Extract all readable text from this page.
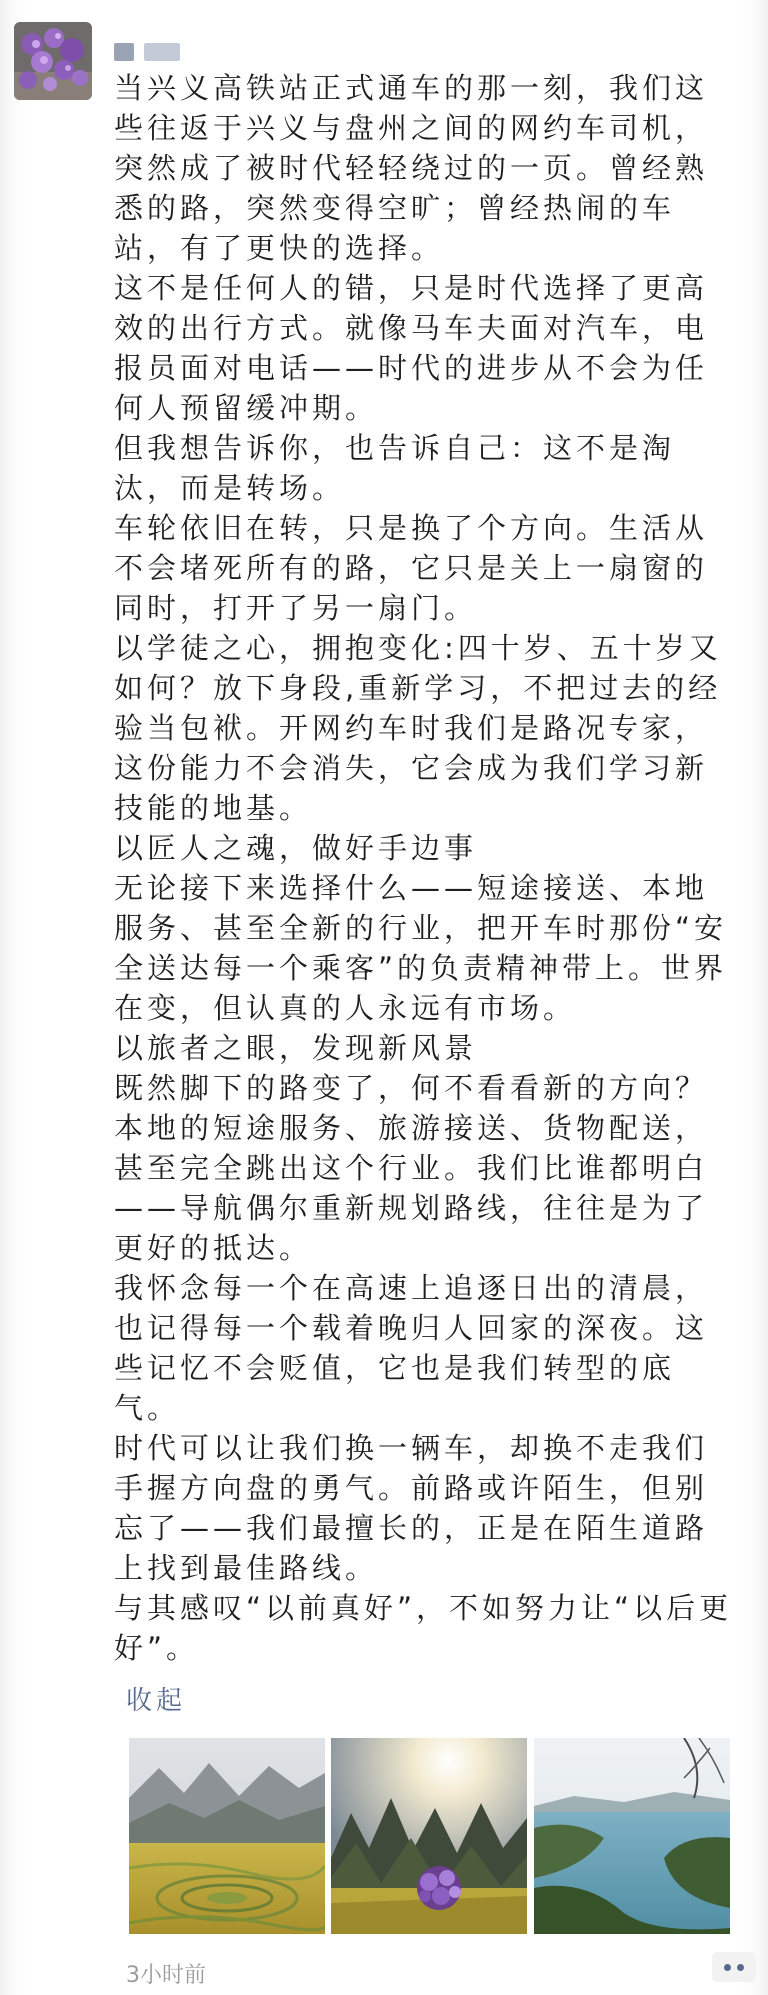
当兴义高铁站正式通车的那一刻，我们这些往返于兴义与盘州之间的网约车司机，突然成了被时代轻轻绕过的一页。曾经熟悉的路，突然变得空旷；曾经热闹的车站，有了更快的选择。

这不是任何人的错，只是时代选择了更高效的出行方式。就像马车夫面对汽车，电报员面对电话——时代的进步从不会为任何人预留缓冲期。

但我想告诉你，也告诉自己：这不是淘汰，而是转场。

车轮依旧在转，只是换了个方向。生活从不会堵死所有的路，它只是关上一扇窗的同时，打开了另一扇门。

以学徒之心，拥抱变化:四十岁、五十岁又如何？放下身段,重新学习，不把过去的经验当包袱。开网约车时我们是路况专家，这份能力不会消失，它会成为我们学习新技能的地基。

以匠人之魂，做好手边事

无论接下来选择什么——短途接送、本地服务、甚至全新的行业，把开车时那份“安全送达每一个乘客”的负责精神带上。世界在变，但认真的人永远有市场。

以旅者之眼，发现新风景

既然脚下的路变了，何不看看新的方向？本地的短途服务、旅游接送、货物配送，甚至完全跳出这个行业。我们比谁都明白——导航偶尔重新规划路线，往往是为了更好的抵达。

我怀念每一个在高速上追逐日出的清晨，也记得每一个载着晚归人回家的深夜。这些记忆不会贬值，它也是我们转型的底气。

时代可以让我们换一辆车，却换不走我们手握方向盘的勇气。前路或许陌生，但别忘了——我们最擅长的，正是在陌生道路上找到最佳路线。

与其感叹“以前真好”，不如努力让“以后更好”。

收起
3小时前
